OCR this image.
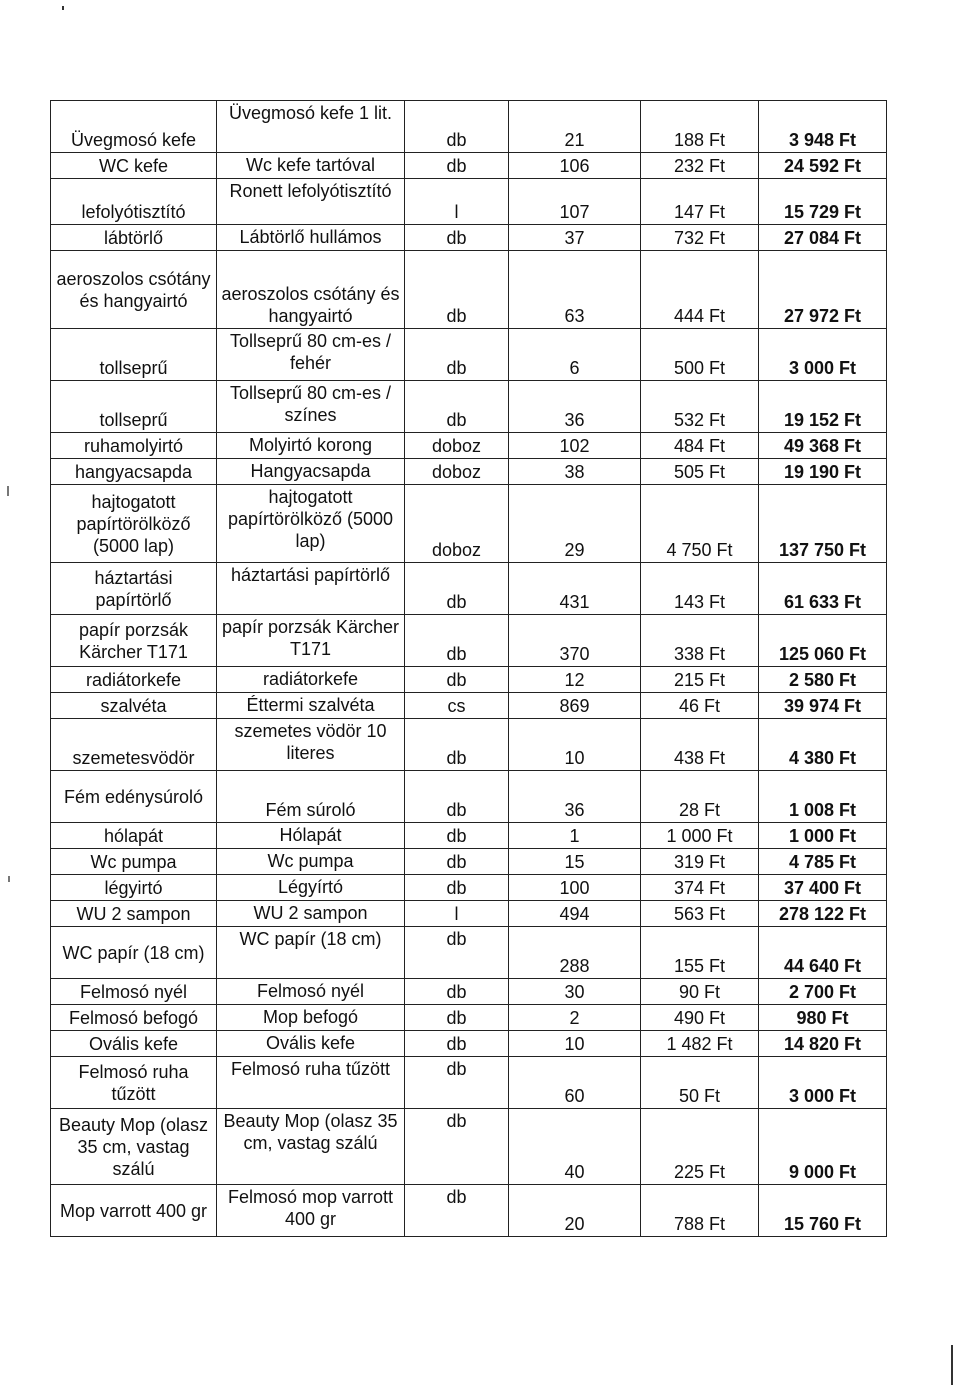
Üvegmosó kefe	Üvegmosó kefe 1 lit.	db	21	188 Ft	3 948 Ft
WC kefe	Wc kefe tartóval	db	106	232 Ft	24 592 Ft
lefolyótisztító	Ronett lefolyótisztító	l	107	147 Ft	15 729 Ft
lábtörlő	Lábtörlő hullámos	db	37	732 Ft	27 084 Ft
aeroszolos csótány és hangyairtó	aeroszolos csótány és hangyairtó	db	63	444 Ft	27 972 Ft
tollseprű	Tollseprű 80 cm-es / fehér	db	6	500 Ft	3 000 Ft
tollseprű	Tollseprű 80 cm-es / színes	db	36	532 Ft	19 152 Ft
ruhamolyirtó	Molyirtó korong	doboz	102	484 Ft	49 368 Ft
hangyacsapda	Hangyacsapda	doboz	38	505 Ft	19 190 Ft
hajtogatott papírtörölköző (5000 lap)	hajtogatott papírtörölköző (5000 lap)	doboz	29	4 750 Ft	137 750 Ft
háztartási papírtörlő	háztartási papírtörlő	db	431	143 Ft	61 633 Ft
papír porzsák Kärcher T171	papír porzsák Kärcher T171	db	370	338 Ft	125 060 Ft
radiátorkefe	radiátorkefe	db	12	215 Ft	2 580 Ft
szalvéta	Éttermi szalvéta	cs	869	46 Ft	39 974 Ft
szemetesvödör	szemetes vödör 10 literes	db	10	438 Ft	4 380 Ft
Fém edénysúroló	Fém súroló	db	36	28 Ft	1 008 Ft
hólapát	Hólapát	db	1	1 000 Ft	1 000 Ft
Wc pumpa	Wc pumpa	db	15	319 Ft	4 785 Ft
légyirtó	Légyírtó	db	100	374 Ft	37 400 Ft
WU 2 sampon	WU 2 sampon	l	494	563 Ft	278 122 Ft
WC papír (18 cm)	WC papír (18 cm)	db	288	155 Ft	44 640 Ft
Felmosó nyél	Felmosó nyél	db	30	90 Ft	2 700 Ft
Felmosó befogó	Mop befogó	db	2	490 Ft	980 Ft
Ovális kefe	Ovális kefe	db	10	1 482 Ft	14 820 Ft
Felmosó ruha tűzött	Felmosó ruha tűzött	db	60	50 Ft	3 000 Ft
Beauty Mop (olasz 35 cm, vastag szálú	Beauty Mop (olasz 35 cm, vastag szálú	db	40	225 Ft	9 000 Ft
Mop varrott 400 gr	Felmosó mop varrott 400 gr	db	20	788 Ft	15 760 Ft
